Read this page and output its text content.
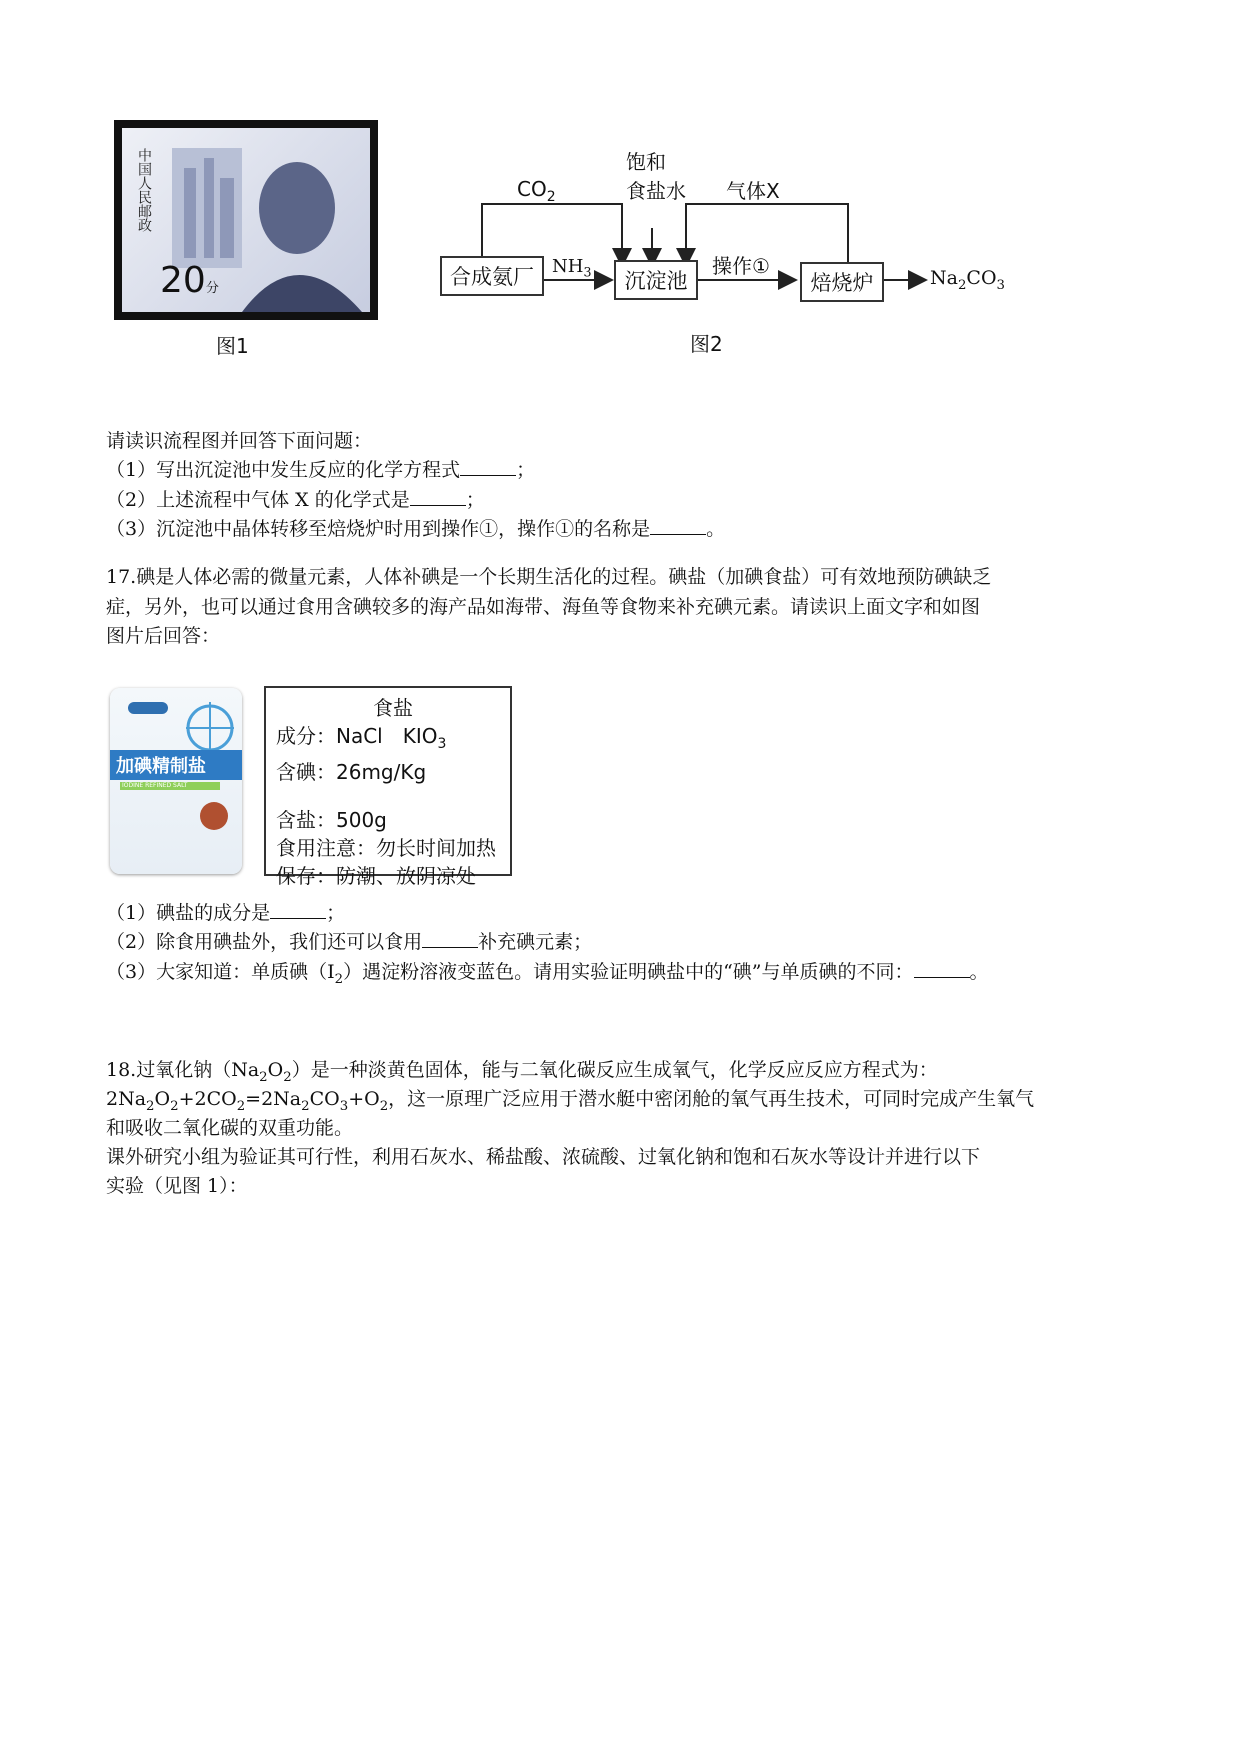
中国人民邮政
20分
图1
合成氨厂	沉淀池	焙烧炉
$CO_2$
饱和
食盐水 气体X
$NH_3$	操作①	$Na_2CO_3$
图2
请读识流程图并回答下面问题：
（1）写出沉淀池中发生反应的化学方程式	；
（2）上述流程中气体 X 的化学式是	；
（3）沉淀池中晶体转移至焙烧炉时用到操作①，操作①的名称是	。
17.碘是人体必需的微量元素，人体补碘是一个长期生活化的过程。碘盐（加碘食盐）可有效地预防碘缺乏
症，另外，也可以通过食用含碘较多的海产品如海带、海鱼等食物来补充碘元素。请读识上面文字和如图
图片后回答：
加碘精制盐
IODINE REFINED SALT
食盐
成分：NaCl　$KIO_3$
含碘：26mg/Kg
含盐：500g
食用注意：勿长时间加热
保存：防潮、放阴凉处
（1）碘盐的成分是	；
（2）除食用碘盐外，我们还可以食用	补充碘元素；
（3）大家知道：单质碘$(I_2)$遇淀粉溶液变蓝色。请用实验证明碘盐中的“碘”与单质碘的不同：	。
18.过氧化钠$(Na_2O_2)$是一种淡黄色固体，能与二氧化碳反应生成氧气，化学反应反应方程式为：
$2Na_2O_2+2CO_2=2Na_2CO_3+O_2$，这一原理广泛应用于潜水艇中密闭舱的氧气再生技术，可同时完成产生氧气
和吸收二氧化碳的双重功能。
课外研究小组为验证其可行性，利用石灰水、稀盐酸、浓硫酸、过氧化钠和饱和石灰水等设计并进行以下
实验（见图 1）：
